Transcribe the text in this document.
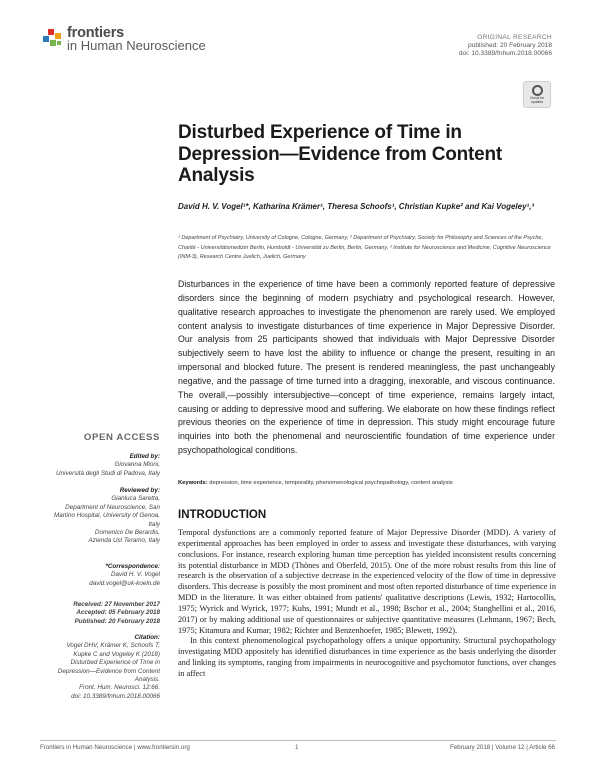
frontiers
in Human Neuroscience
ORIGINAL RESEARCH
published: 20 February 2018
doi: 10.3389/fnhum.2018.00066
Check for updates
Disturbed Experience of Time in Depression—Evidence from Content Analysis
David H. V. Vogel¹*, Katharina Krämer¹, Theresa Schoofs¹, Christian Kupke² and Kai Vogeley¹,³
¹ Department of Psychiatry, University of Cologne, Cologne, Germany, ² Department of Psychiatry, Society for Philosophy and Sciences of the Psyche, Charité - Universitätsmedizin Berlin, Humboldt - Universität zu Berlin, Berlin, Germany, ³ Institute for Neuroscience and Medicine, Cognitive Neuroscience (INM-3), Research Centre Juelich, Juelich, Germany
Disturbances in the experience of time have been a commonly reported feature of depressive disorders since the beginning of modern psychiatry and psychological research. However, qualitative research approaches to investigate the phenomenon are rarely used. We employed content analysis to investigate disturbances of time experience in Major Depressive Disorder. Our analysis from 25 participants showed that individuals with Major Depressive Disorder subjectively seem to have lost the ability to influence or change the present, resulting in an impersonal and blocked future. The present is rendered meaningless, the past unchangeably negative, and the passage of time turned into a dragging, inexorable, and viscous continuance. The overall,—possibly intersubjective—concept of time experience, remains largely intact, causing or adding to depressive mood and suffering. We elaborate on how these findings reflect previous theories on the experience of time in depression. This study might encourage future inquiries into both the phenomenal and neuroscientific foundation of time experience under psychopathological conditions.
Keywords: depression, time experience, temporality, phenomenological psychopathology, content analysis
OPEN ACCESS
Edited by:
Giovanna Mioni,
Università degli Studi di Padova, Italy
Reviewed by:
Gianluca Saretta,
Department of Neuroscience, San
Martino Hospital, University of Genoa,
Italy
Domenico De Berardis,
Azienda Usl Teramo, Italy
*Correspondence:
David H. V. Vogel
david.vogel@uk-koeln.de
Received: 27 November 2017
Accepted: 05 February 2018
Published: 20 February 2018
Citation:
Vogel DHV, Krämer K, Schoofs T,
Kupke C and Vogeley K (2018)
Disturbed Experience of Time in
Depression—Evidence from Content
Analysis.
Front. Hum. Neurosci. 12:66.
doi: 10.3389/fnhum.2018.00066
INTRODUCTION

Temporal dysfunctions are a commonly reported feature of Major Depressive Disorder (MDD). A variety of experimental approaches has been employed in order to assess and investigate these disturbances, with varying conclusions. For instance, research exploring human time perception has yielded inconsistent results concerning its potential disturbance in MDD (Thönes and Oberfeld, 2015). One of the more robust results from this line of research is the observation of a subjective decrease in the experienced velocity of the flow of time in depressive disorders. This decrease is possibly the most prominent and most often reported disturbance of time experience in MDD in the literature. It was either obtained from patients' qualitative descriptions (Lewis, 1932; Hartocollis, 1975; Wyrick and Wyrick, 1977; Kuhs, 1991; Mundt et al., 1998; Bschor et al., 2004; Stanghellini et al., 2016, 2017) or by making additional use of questionnaires or subjective quantitative measures (Lehmann, 1967; Bech, 1975; Kitamura and Kumar, 1982; Richter and Benzenhoefer, 1985; Blewett, 1992).

In this context phenomenological psychopathology offers a unique opportunity. Structural psychopathology investigating MDD appositely has identified disturbances in time experience as the basis underlying the disorder and linking its symptoms, ranging from impairments in neurocognitive and psychomotor functions, over changes in affect

Frontiers in Human Neuroscience | www.frontiersin.org	1	February 2018 | Volume 12 | Article 66
